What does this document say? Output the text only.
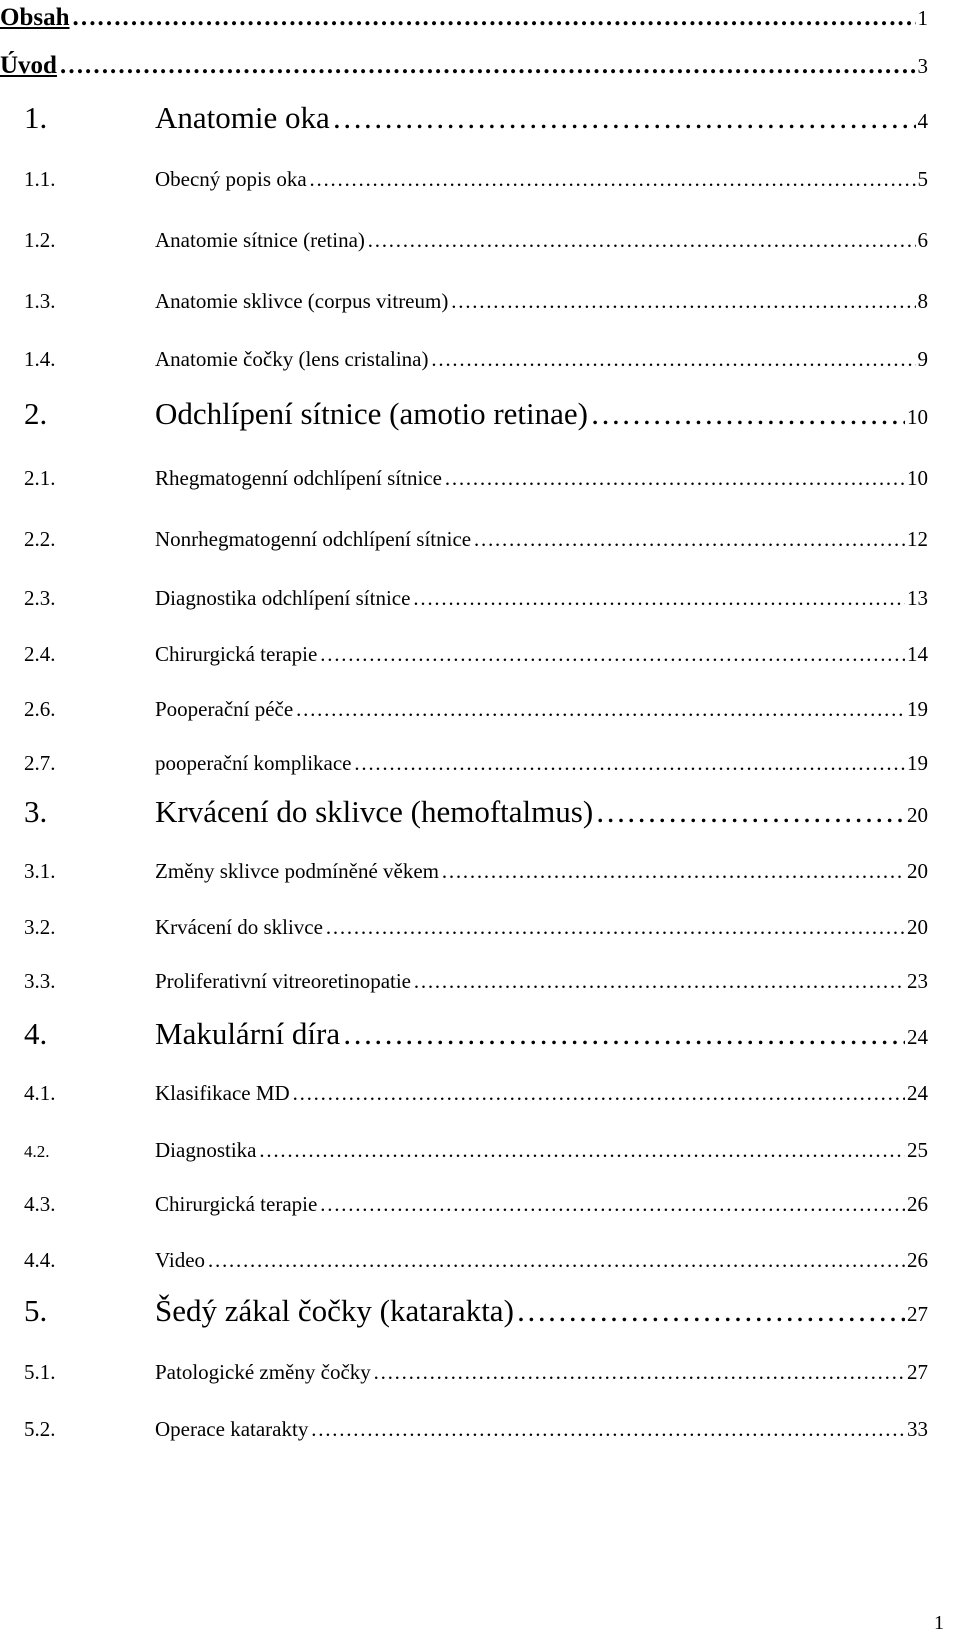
Obsah ……………………………………………………………………………………………………………………………………………………………………………………………………	1
Úvod ……………………………………………………………………………………………………………………………………………………………………………………………………	3
1.	Anatomie oka ……………………………………………………………………………………………………………………………………………………………………………………………………	4
1.1.	Obecný popis oka ……………………………………………………………………………………………………………………………………………………………………………………………………	5
1.2.	Anatomie sítnice (retina) ……………………………………………………………………………………………………………………………………………………………………………………………………	6
1.3.	Anatomie sklivce (corpus vitreum) ……………………………………………………………………………………………………………………………………………………………………………………………………	8
1.4.	Anatomie čočky (lens cristalina) ……………………………………………………………………………………………………………………………………………………………………………………………………	9
2.	Odchlípení sítnice (amotio retinae) ……………………………………………………………………………………………………………………………………………………………………………………………………	10
2.1.	Rhegmatogenní odchlípení sítnice ……………………………………………………………………………………………………………………………………………………………………………………………………	10
2.2.	Nonrhegmatogenní odchlípení sítnice ……………………………………………………………………………………………………………………………………………………………………………………………………	12
2.3.	Diagnostika odchlípení sítnice ……………………………………………………………………………………………………………………………………………………………………………………………………	13
2.4.	Chirurgická terapie ……………………………………………………………………………………………………………………………………………………………………………………………………	14
2.6.	Pooperační péče ……………………………………………………………………………………………………………………………………………………………………………………………………	19
2.7.	pooperační komplikace ……………………………………………………………………………………………………………………………………………………………………………………………………	19
3.	Krvácení do sklivce (hemoftalmus) ……………………………………………………………………………………………………………………………………………………………………………………………………	20
3.1.	Změny sklivce podmíněné věkem ……………………………………………………………………………………………………………………………………………………………………………………………………	20
3.2.	Krvácení do sklivce ……………………………………………………………………………………………………………………………………………………………………………………………………	20
3.3.	Proliferativní vitreoretinopatie ……………………………………………………………………………………………………………………………………………………………………………………………………	23
4.	Makulární díra ……………………………………………………………………………………………………………………………………………………………………………………………………	24
4.1.	Klasifikace MD ……………………………………………………………………………………………………………………………………………………………………………………………………	24
4.2.	Diagnostika ……………………………………………………………………………………………………………………………………………………………………………………………………	25
4.3.	Chirurgická terapie ……………………………………………………………………………………………………………………………………………………………………………………………………	26
4.4.	Video ……………………………………………………………………………………………………………………………………………………………………………………………………	26
5.	Šedý zákal čočky (katarakta) ……………………………………………………………………………………………………………………………………………………………………………………………………	27
5.1.	Patologické změny čočky ……………………………………………………………………………………………………………………………………………………………………………………………………	27
5.2.	Operace katarakty ……………………………………………………………………………………………………………………………………………………………………………………………………	33
1
